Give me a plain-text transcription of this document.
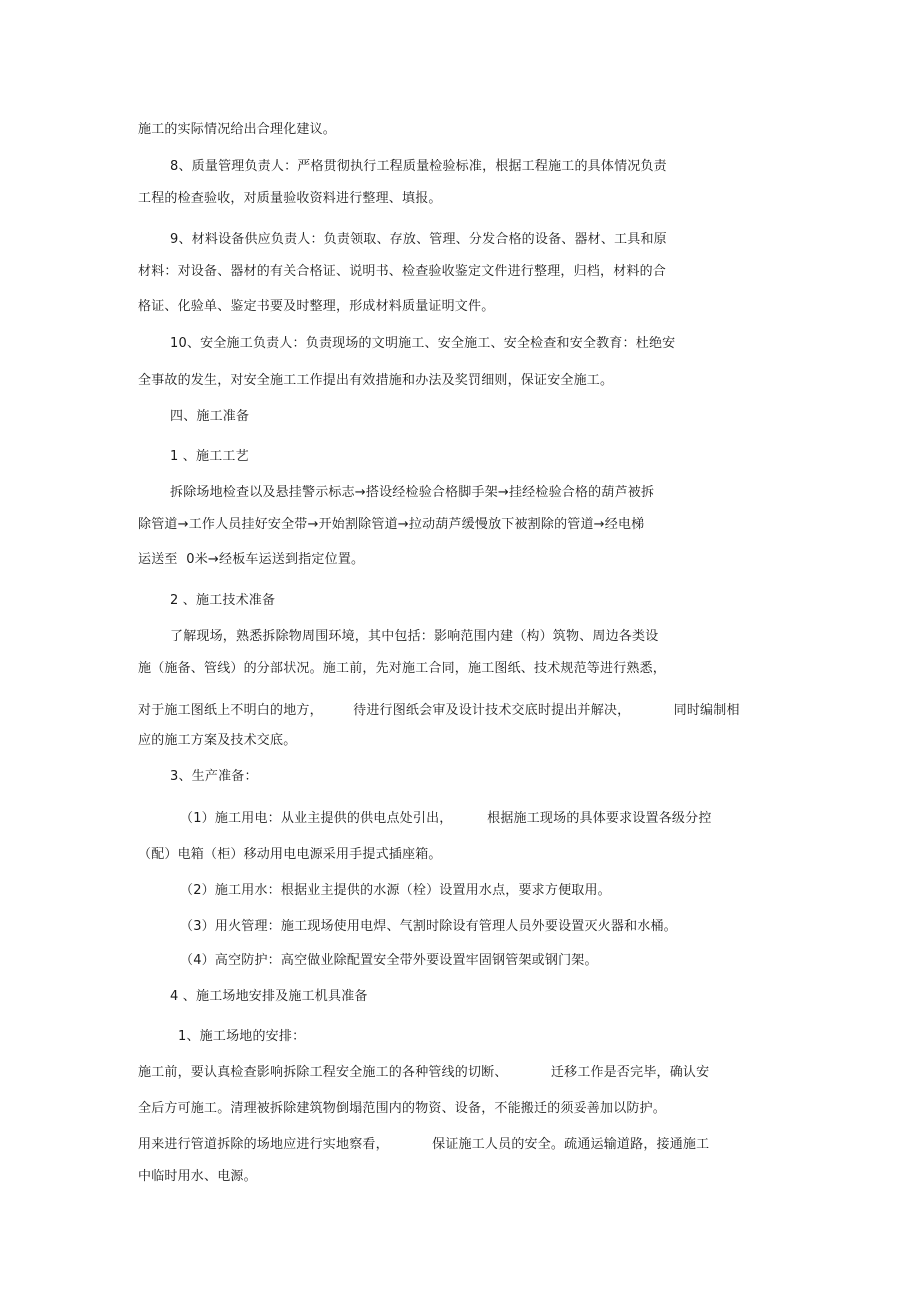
施工的实际情况给出合理化建议。
8、质量管理负责人：严格贯彻执行工程质量检验标准，根据工程施工的具体情况负责
工程的检查验收，对质量验收资料进行整理、填报。
9、材料设备供应负责人：负责领取、存放、管理、分发合格的设备、器材、工具和原
材料：对设备、器材的有关合格证、说明书、检查验收鉴定文件进行整理，归档，材料的合
格证、化验单、鉴定书要及时整理，形成材料质量证明文件。
10、安全施工负责人：负责现场的文明施工、安全施工、安全检查和安全教育：杜绝安
全事故的发生，对安全施工工作提出有效措施和办法及奖罚细则，保证安全施工。
四、施工准备
1 、施工工艺
拆除场地检查以及悬挂警示标志→搭设经检验合格脚手架→挂经检验合格的葫芦被拆
除管道→工作人员挂好安全带→开始割除管道→拉动葫芦缓慢放下被割除的管道→经电梯
运送至  0米→经板车运送到指定位置。
2 、施工技术准备
了解现场，熟悉拆除物周围环境，其中包括：影响范围内建（构）筑物、周边各类设
施（施备、管线）的分部状况。施工前，先对施工合同，施工图纸、技术规范等进行熟悉，
对于施工图纸上不明白的地方，       待进行图纸会审及设计技术交底时提出并解决，          同时编制相
应的施工方案及技术交底。
3、生产准备：
（1）施工用电：从业主提供的供电点处引出，        根据施工现场的具体要求设置各级分控
（配）电箱（柜）移动用电电源采用手提式插座箱。
（2）施工用水：根据业主提供的水源（栓）设置用水点，要求方便取用。
（3）用火管理：施工现场使用电焊、气割时除设有管理人员外要设置灭火器和水桶。
（4）高空防护：高空做业除配置安全带外要设置牢固钢管架或钢门架。
4 、施工场地安排及施工机具准备
1、施工场地的安排：
施工前，要认真检查影响拆除工程安全施工的各种管线的切断、          迁移工作是否完毕，确认安
全后方可施工。清理被拆除建筑物倒塌范围内的物资、设备，不能搬迁的须妥善加以防护。
用来进行管道拆除的场地应进行实地察看，          保证施工人员的安全。疏通运输道路，接通施工
中临时用水、电源。
